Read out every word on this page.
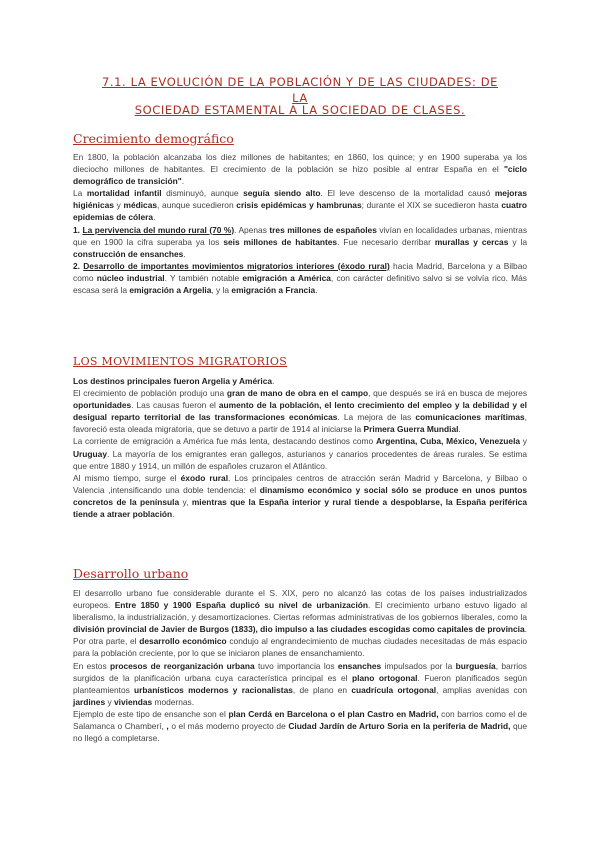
7.1. LA EVOLUCIÓN DE LA POBLACIÓN Y DE LAS CIUDADES: DE LA
SOCIEDAD ESTAMENTAL A LA SOCIEDAD DE CLASES.
Crecimiento demográfico

En 1800, la población alcanzaba los diez millones de habitantes; en 1860, los quince; y en 1900 superaba ya los dieciocho millones de habitantes. El crecimiento de la población se hizo posible al entrar España en el "ciclo demográfico de transición".

La mortalidad infantil disminuyó, aunque seguía siendo alto. El leve descenso de la mortalidad causó mejoras higiénicas y médicas, aunque sucedieron crisis epidémicas y hambrunas; durante el XIX se sucedieron hasta cuatro epidemias de cólera.

1. La pervivencia del mundo rural (70 %). Apenas tres millones de españoles vivían en localidades urbanas, mientras que en 1900 la cifra superaba ya los seis millones de habitantes. Fue necesario derribar murallas y cercas y la construcción de ensanches.

2. Desarrollo de importantes movimientos migratorios interiores (éxodo rural) hacia Madrid, Barcelona y a Bilbao como núcleo industrial. Y también notable emigración a América, con carácter definitivo salvo si se volvía rico. Más escasa será la emigración a Argelia, y la emigración a Francia.

LOS MOVIMIENTOS MIGRATORIOS

Los destinos principales fueron Argelia y América.

El crecimiento de población produjo una gran de mano de obra en el campo, que después se irá en busca de mejores oportunidades. Las causas fueron el aumento de la población, el lento crecimiento del empleo y la debilidad y el desigual reparto territorial de las transformaciones económicas. La mejora de las comunicaciones marítimas, favoreció esta oleada migratoria, que se detuvo a partir de 1914 al iniciarse la Primera Guerra Mundial.

La corriente de emigración a América fue más lenta, destacando destinos como Argentina, Cuba, México, Venezuela y Uruguay. La mayoría de los emigrantes eran gallegos, asturianos y canarios procedentes de áreas rurales. Se estima que entre 1880 y 1914, un millón de españoles cruzaron el Atlántico.

Al mismo tiempo, surge el éxodo rural. Los principales centros de atracción serán Madrid y Barcelona, y Bilbao o Valencia ,intensificando una doble tendencia: el dinamismo económico y social sólo se produce en unos puntos concretos de la península y, mientras que la España interior y rural tiende a despoblarse, la España periférica tiende a atraer población.

Desarrollo urbano

El desarrollo urbano fue considerable durante el S. XIX, pero no alcanzó las cotas de los países industrializados europeos. Entre 1850 y 1900 España duplicó su nivel de urbanización. El crecimiento urbano estuvo ligado al liberalismo, la industrialización, y desamortizaciones. Ciertas reformas administrativas de los gobiernos liberales, como la división provincial de Javier de Burgos (1833), dio impulso a las ciudades escogidas como capitales de provincia. Por otra parte, el desarrollo económico condujo al engrandecimiento de muchas ciudades necesitadas de más espacio para la población creciente, por lo que se iniciaron planes de ensanchamiento.

En estos procesos de reorganización urbana tuvo importancia los ensanches impulsados por la burguesía, barrios surgidos de la planificación urbana cuya característica principal es el plano ortogonal. Fueron planificados según planteamientos urbanísticos modernos y racionalistas, de plano en cuadrícula ortogonal, amplias avenidas con jardines y viviendas modernas.

Ejemplo de este tipo de ensanche son el plan Cerdá en Barcelona o el plan Castro en Madrid, con barrios como el de Salamanca o Chamberí, , o el más moderno proyecto de Ciudad Jardín de Arturo Soria en la periferia de Madrid, que no llegó a completarse.
